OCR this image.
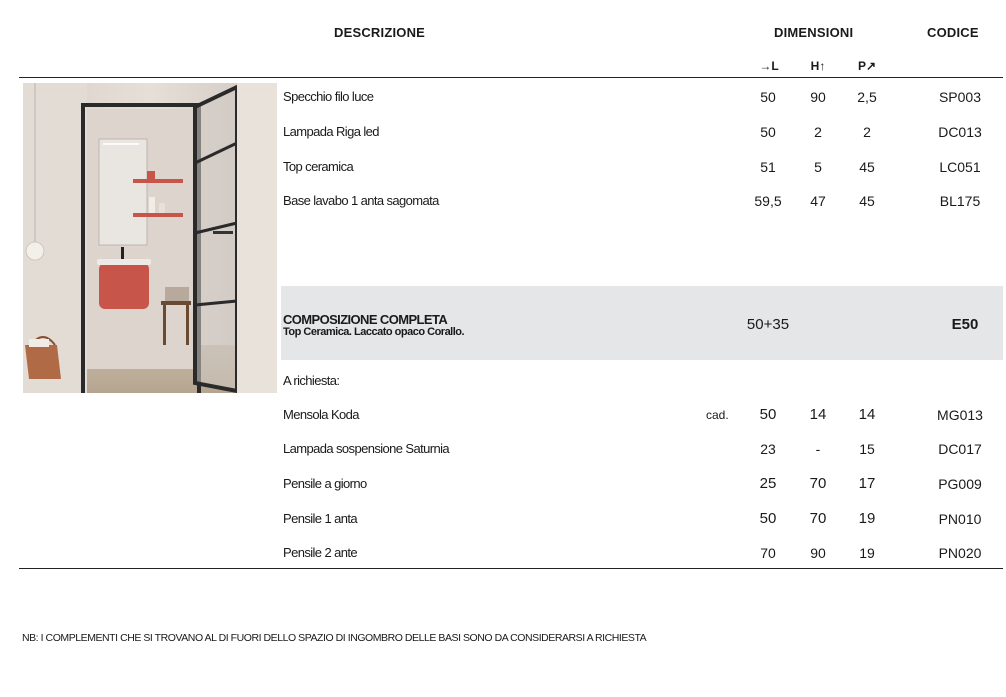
DESCRIZIONE	DIMENSIONI	CODICE
→L	H↑	P↗
Specchio filo luce	50	90	2,5	SP003
Lampada Riga led	50	2	2	DC013
Top ceramica	51	5	45	LC051
Base lavabo 1 anta sagomata	59,5	47	45	BL175
COMPOSIZIONE COMPLETA
Top Ceramica. Laccato opaco Corallo.	50+35	E50
A richiesta:
Mensola Koda	cad.	50	14	14	MG013
Lampada sospensione Saturnia	23	-	15	DC017
Pensile a giorno	25	70	17	PG009
Pensile 1 anta	50	70	19	PN010
Pensile 2 ante	70	90	19	PN020
NB: I COMPLEMENTI CHE SI TROVANO AL DI FUORI DELLO SPAZIO DI INGOMBRO DELLE BASI SONO DA CONSIDERARSI A RICHIESTA
